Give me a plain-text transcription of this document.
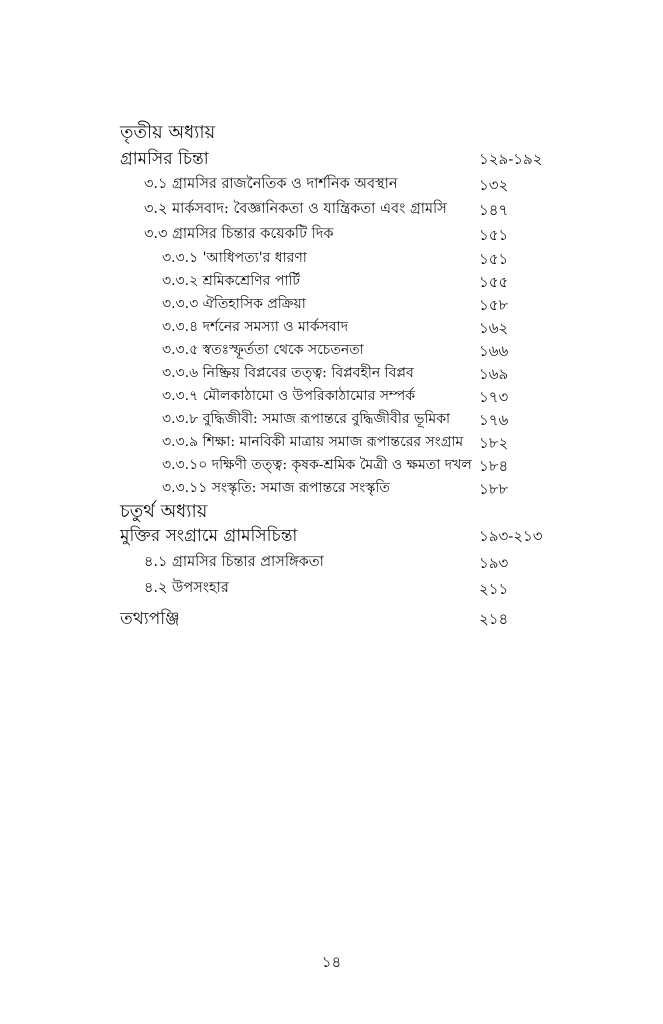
তৃতীয় অধ্যায়
গ্রামসির চিন্তা	১২৯-১৯২
৩.১ গ্রামসির রাজনৈতিক ও দার্শনিক অবস্থান	১৩২
৩.২ মার্কসবাদ: বৈজ্ঞানিকতা ও যান্ত্রিকতা এবং গ্রামসি ১৪৭
৩.৩ গ্রামসির চিন্তার কয়েকটি দিক	১৫১
৩.৩.১ 'আধিপত্য'র ধারণা	১৫১
৩.৩.২ শ্রমিকশ্রেণির পার্টি	১৫৫
৩.৩.৩ ঐতিহাসিক প্রক্রিয়া	১৫৮
৩.৩.৪ দর্শনের সমস্যা ও মার্কসবাদ	১৬২
৩.৩.৫ স্বতঃস্ফূর্ততা থেকে সচেতনতা	১৬৬
৩.৩.৬ নিষ্ক্রিয় বিপ্লবের তত্ত্ব: বিপ্লবহীন বিপ্লব	১৬৯
৩.৩.৭ মৌলকাঠামো ও উপরিকাঠামোর সম্পর্ক	১৭৩
৩.৩.৮ বুদ্ধিজীবী: সমাজ রূপান্তরে বুদ্ধিজীবীর ভূমিকা ১৭৬
৩.৩.৯ শিক্ষা: মানবিকী মাত্রায় সমাজ রূপান্তরের সংগ্রাম ১৮২
৩.৩.১০ দক্ষিণী তত্ত্ব: কৃষক-শ্রমিক মৈত্রী ও ক্ষমতা দখল ১৮৪
৩.৩.১১ সংস্কৃতি: সমাজ রূপান্তরে সংস্কৃতি	১৮৮
চতুর্থ অধ্যায়
মুক্তির সংগ্রামে গ্রামসিচিন্তা	১৯৩-২১৩
৪.১ গ্রামসির চিন্তার প্রাসঙ্গিকতা	১৯৩
৪.২ উপসংহার	২১১
তথ্যপঞ্জি	২১৪
১৪
